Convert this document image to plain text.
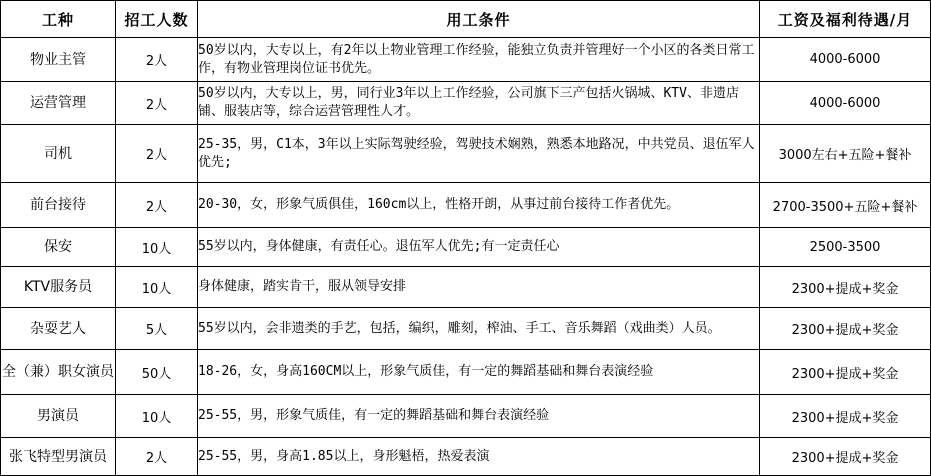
工种	招工人数	用工条件	工资及福利待遇/月
物业主管	2人	50岁以内，大专以上，有2年以上物业管理工作经验，能独立负责并管理好一个小区的各类日常工作，有物业管理岗位证书优先。	4000-6000
运营管理	2人	50岁以内，大专以上，男，同行业3年以上工作经验，公司旗下三产包括火锅城、KTV、非遗店铺、服装店等，综合运营管理性人才。	4000-6000
司机	2人	25-35，男，C1本，3年以上实际驾驶经验，驾驶技术娴熟，熟悉本地路况，中共党员、退伍军人优先;	3000左右+五险+餐补
前台接待	2人	20-30，女，形象气质俱佳，160cm以上，性格开朗，从事过前台接待工作者优先。	2700-3500+五险+餐补
保安	10人	55岁以内，身体健康，有责任心。退伍军人优先;有一定责任心	2500-3500
KTV服务员	10人	身体健康，踏实肯干，服从领导安排	2300+提成+奖金
杂耍艺人	5人	55岁以内，会非遗类的手艺，包括，编织，雕刻，榨油、手工、音乐舞蹈（戏曲类）人员。	2300+提成+奖金
全（兼）职女演员	50人	18-26，女，身高160CM以上，形象气质佳，有一定的舞蹈基础和舞台表演经验	2300+提成+奖金
男演员	10人	25-55，男，形象气质佳，有一定的舞蹈基础和舞台表演经验	2300+提成+奖金
张飞特型男演员	2人	25-55，男，身高1.85以上，身形魁梧，热爱表演	2300+提成+奖金
